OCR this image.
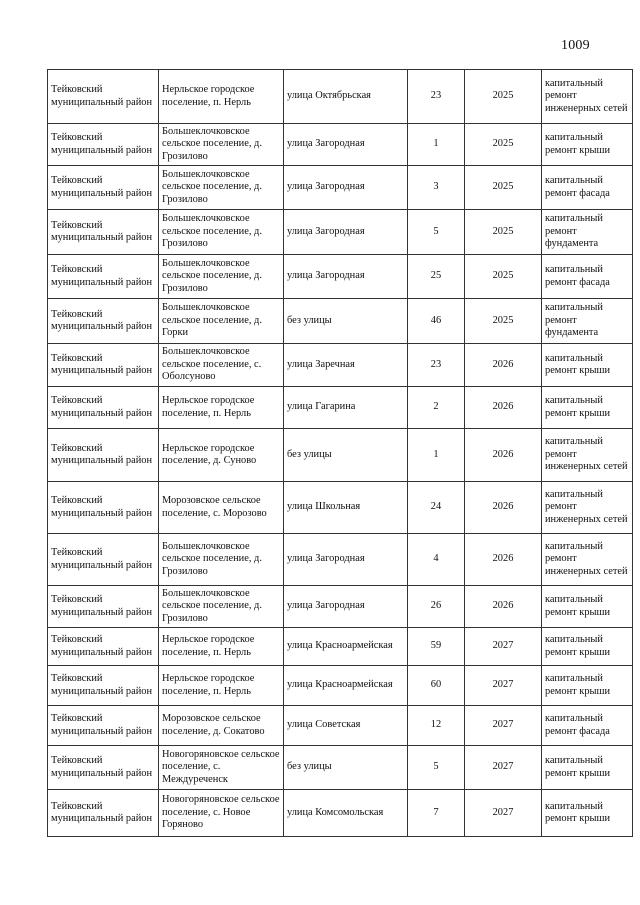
1009
Тейковский муниципальный район	Нерльское городское поселение, п. Нерль	улица Октябрьская	23	2025	капитальный ремонт инженерных сетей
Тейковский муниципальный район	Большеклочковское сельское поселение, д. Грозилово	улица Загородная	1	2025	капитальный ремонт крыши
Тейковский муниципальный район	Большеклочковское сельское поселение, д. Грозилово	улица Загородная	3	2025	капитальный ремонт фасада
Тейковский муниципальный район	Большеклочковское сельское поселение, д. Грозилово	улица Загородная	5	2025	капитальный ремонт фундамента
Тейковский муниципальный район	Большеклочковское сельское поселение, д. Грозилово	улица Загородная	25	2025	капитальный ремонт фасада
Тейковский муниципальный район	Большеклочковское сельское поселение, д. Горки	без улицы	46	2025	капитальный ремонт фундамента
Тейковский муниципальный район	Большеклочковское сельское поселение, с. Оболсуново	улица Заречная	23	2026	капитальный ремонт крыши
Тейковский муниципальный район	Нерльское городское поселение, п. Нерль	улица Гагарина	2	2026	капитальный ремонт крыши
Тейковский муниципальный район	Нерльское городское поселение, д. Суново	без улицы	1	2026	капитальный ремонт инженерных сетей
Тейковский муниципальный район	Морозовское сельское поселение, с. Морозово	улица Школьная	24	2026	капитальный ремонт инженерных сетей
Тейковский муниципальный район	Большеклочковское сельское поселение, д. Грозилово	улица Загородная	4	2026	капитальный ремонт инженерных сетей
Тейковский муниципальный район	Большеклочковское сельское поселение, д. Грозилово	улица Загородная	26	2026	капитальный ремонт крыши
Тейковский муниципальный район	Нерльское городское поселение, п. Нерль	улица Красноармейская	59	2027	капитальный ремонт крыши
Тейковский муниципальный район	Нерльское городское поселение, п. Нерль	улица Красноармейская	60	2027	капитальный ремонт крыши
Тейковский муниципальный район	Морозовское сельское поселение, д. Сокатово	улица Советская	12	2027	капитальный ремонт фасада
Тейковский муниципальный район	Новогоряновское сельское поселение, с. Междуреченск	без улицы	5	2027	капитальный ремонт крыши
Тейковский муниципальный район	Новогоряновское сельское поселение, с. Новое Горяново	улица Комсомольская	7	2027	капитальный ремонт крыши
